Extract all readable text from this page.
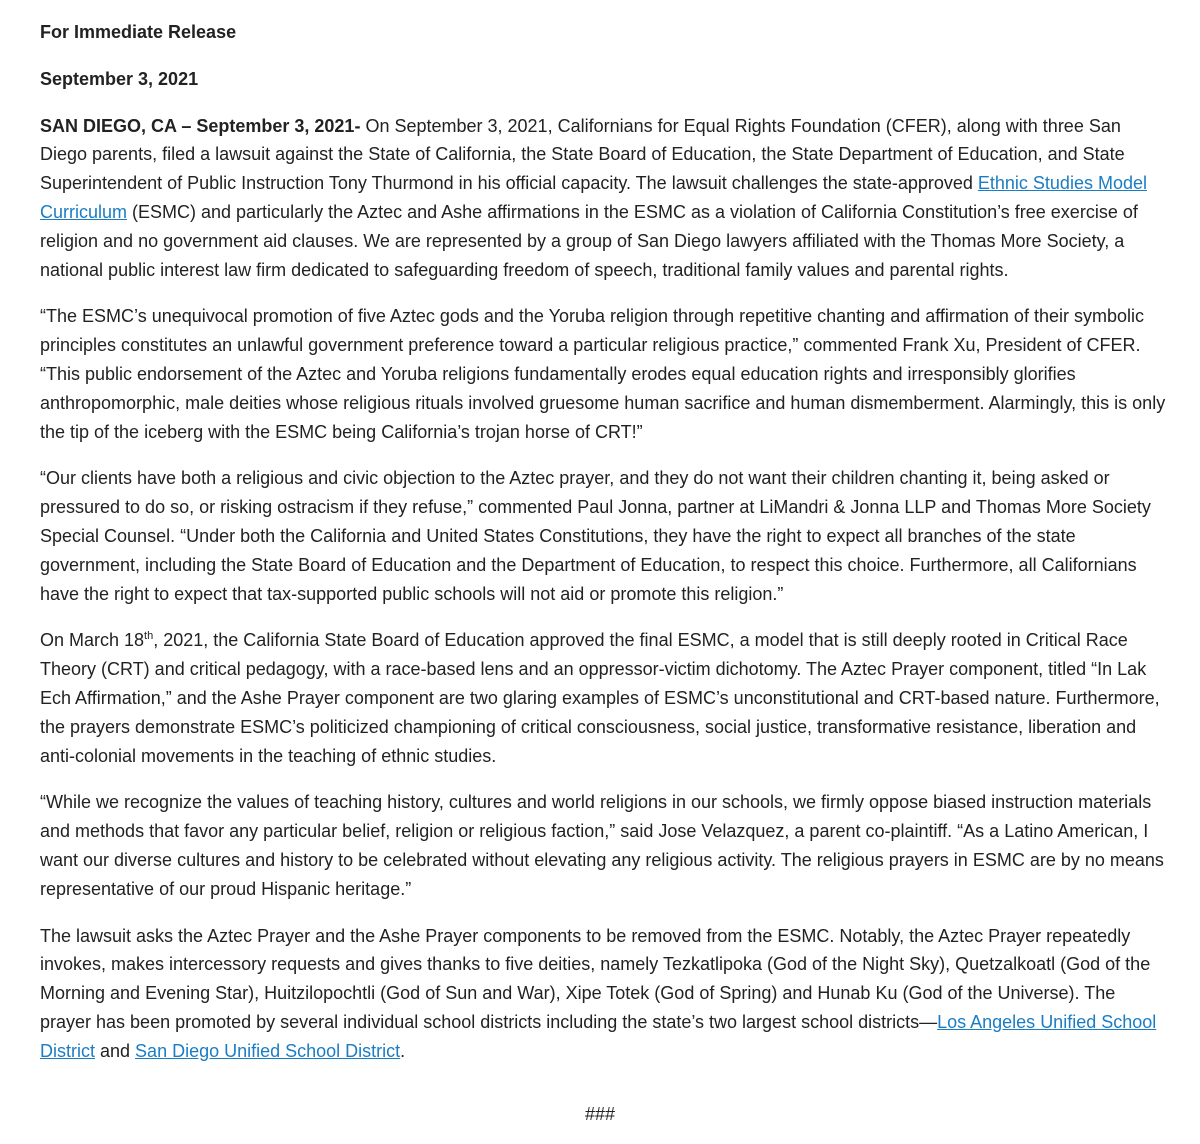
For Immediate Release

September 3, 2021

SAN DIEGO, CA – September 3, 2021- On September 3, 2021, Californians for Equal Rights Foundation (CFER), along with three San Diego parents, filed a lawsuit against the State of California, the State Board of Education, the State Department of Education, and State Superintendent of Public Instruction Tony Thurmond in his official capacity. The lawsuit challenges the state-approved Ethnic Studies Model Curriculum (ESMC) and particularly the Aztec and Ashe affirmations in the ESMC as a violation of California Constitution’s free exercise of religion and no government aid clauses. We are represented by a group of San Diego lawyers affiliated with the Thomas More Society, a national public interest law firm dedicated to safeguarding freedom of speech, traditional family values and parental rights.

“The ESMC’s unequivocal promotion of five Aztec gods and the Yoruba religion through repetitive chanting and affirmation of their symbolic principles constitutes an unlawful government preference toward a particular religious practice,” commented Frank Xu, President of CFER. “This public endorsement of the Aztec and Yoruba religions fundamentally erodes equal education rights and irresponsibly glorifies anthropomorphic, male deities whose religious rituals involved gruesome human sacrifice and human dismemberment. Alarmingly, this is only the tip of the iceberg with the ESMC being California’s trojan horse of CRT!”

“Our clients have both a religious and civic objection to the Aztec prayer, and they do not want their children chanting it, being asked or pressured to do so, or risking ostracism if they refuse,” commented Paul Jonna, partner at LiMandri & Jonna LLP and Thomas More Society Special Counsel. “Under both the California and United States Constitutions, they have the right to expect all branches of the state government, including the State Board of Education and the Department of Education, to respect this choice. Furthermore, all Californians have the right to expect that tax-supported public schools will not aid or promote this religion.”

On March 18th, 2021, the California State Board of Education approved the final ESMC, a model that is still deeply rooted in Critical Race Theory (CRT) and critical pedagogy, with a race-based lens and an oppressor-victim dichotomy. The Aztec Prayer component, titled “In Lak Ech Affirmation,” and the Ashe Prayer component are two glaring examples of ESMC’s unconstitutional and CRT-based nature. Furthermore, the prayers demonstrate ESMC’s politicized championing of critical consciousness, social justice, transformative resistance, liberation and anti-colonial movements in the teaching of ethnic studies.

“While we recognize the values of teaching history, cultures and world religions in our schools, we firmly oppose biased instruction materials and methods that favor any particular belief, religion or religious faction,” said Jose Velazquez, a parent co-plaintiff. “As a Latino American, I want our diverse cultures and history to be celebrated without elevating any religious activity. The religious prayers in ESMC are by no means representative of our proud Hispanic heritage.”

The lawsuit asks the Aztec Prayer and the Ashe Prayer components to be removed from the ESMC. Notably, the Aztec Prayer repeatedly invokes, makes intercessory requests and gives thanks to five deities, namely Tezkatlipoka (God of the Night Sky), Quetzalkoatl (God of the Morning and Evening Star), Huitzilopochtli (God of Sun and War), Xipe Totek (God of Spring) and Hunab Ku (God of the Universe). The prayer has been promoted by several individual school districts including the state’s two largest school districts—Los Angeles Unified School District and San Diego Unified School District.

###
